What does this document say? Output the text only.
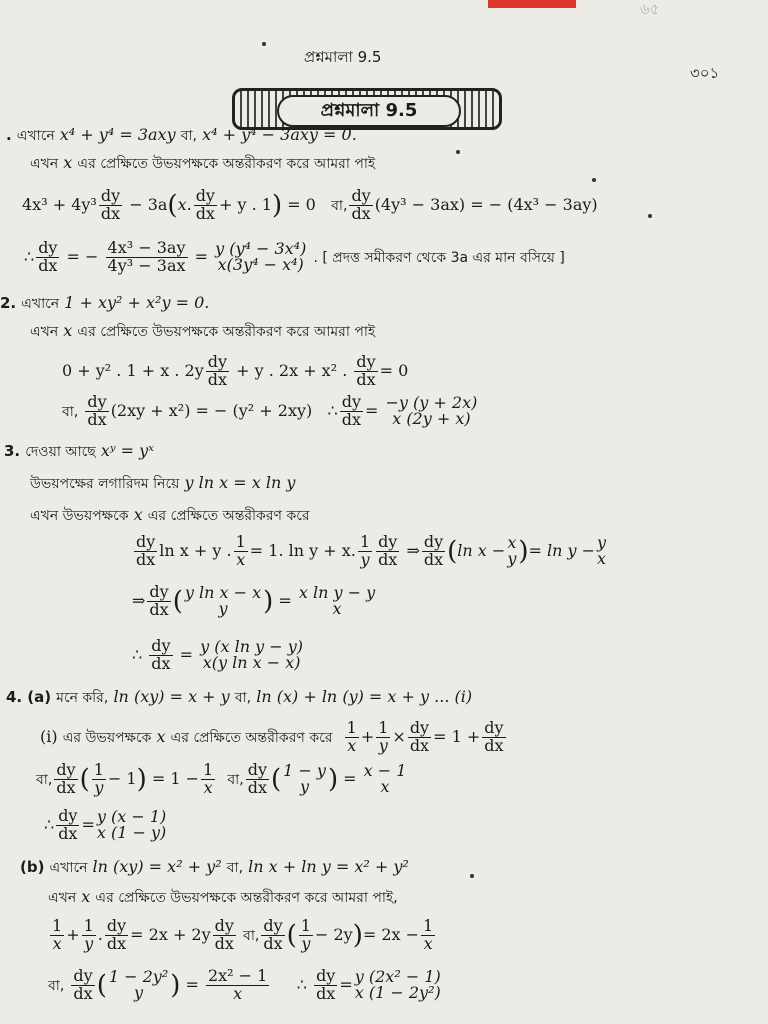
৬৫
প্রশ্নমালা 9.5
৩০১
প্রশ্নমালা 9.5
. এখানে x⁴ + y⁴ = 3axy বা, x⁴ + y⁴ − 3axy = 0.
এখন x এর প্রেক্ষিতে উভয়পক্ষকে অন্তরীকরণ করে আমরা পাই
$4x^3 + 4y^3 \frac{dy}{dx} - 3a(x$. $\frac{dy}{dx} + y$ . 1) = 0 বা, $\frac{dy}{dx} (4y^3 - 3ax)$ = − (4x³ − 3ay)
∴ $\frac{dy}{dx}$ = − $\frac{\text{4x³ − 3ay}}{\text{4y³ − 3ax}} = y$ (y⁴ − 3x⁴)
x(3y⁴ − x⁴) . [ প্রদত্ত সমীকরণ থেকে 3a এর মান বসিয়ে ]
2. এখানে 1 + xy² + x²y = 0.
এখন x এর প্রেক্ষিতে উভয়পক্ষকে অন্তরীকরণ করে আমরা পাই
0 + y² . 1 + x . $2y \frac{dy}{dx} + y$ . 2x + x² . $\frac{dy}{dx} = 0$
বা, $\frac{dy}{dx} (2xy + x^2)$ = − (y² + 2xy) ∴ $\frac{dy}{dx} = -y$ (y + 2x)
x (2y + x)
3. দেওয়া আছে xʸ = yˣ
উভয়পক্ষের লগারিদম নিয়ে y ln x = x ln y
এখন উভয়পক্ষকে x এর প্রেক্ষিতে অন্তরীকরণ করে
$\frac{dy}{dx}$ ln x + y . $\frac{1}{x} = 1$. ln y + x. $\frac{1}{y} \frac{dy}{dx}$ ⇒ $\frac{dy}{dx} (\ln$ x − x
y )= ln y − y
x
⇒ $\frac{dy}{dx}$ ( y ln x − x
y ) = x ln y − y
x
∴ $\frac{dy}{dx} = y$ (x ln y − y)
x(y ln x − x)
4. (a) মনে করি, ln (xy) = x + y বা, ln (x) + ln (y) = x + y ... (i)
(i) এর উভয়পক্ষকে x এর প্রেক্ষিতে অন্তরীকরণ করে $\frac{1}{x} + \frac{1}{y} \times \frac{dy}{dx} = 1 + \frac{dy}{dx}$
বা, $\frac{dy}{dx}$ ( $\frac{1}{y} - 1) = 1 - \frac{1}{x}$ বা, $\frac{dy}{dx}$ ( 1 − y
y ) = x − 1
x
∴ $\frac{dy}{dx} = y$ (x − 1)
x (1 − y)
(b) এখানে ln (xy) = x² + y² বা, ln x + ln y = x² + y²
এখন x এর প্রেক্ষিতে উভয়পক্ষকে অন্তরীকরণ করে আমরা পাই,
$\frac{1}{x} + \frac{1}{y}$ . $\frac{dy}{dx} = 2x + 2y \frac{dy}{dx}$ বা, $\frac{dy}{dx}$ ( $\frac{1}{y} - 2y)= 2x - \frac{1}{x}$
বা, $\frac{dy}{dx}$ ( 1 − 2y²
y ) = $\frac{\text{2x² − 1}}{x}$ ∴ $\frac{dy}{dx} = y$ (2x² − 1)
x (1 − 2y²)
